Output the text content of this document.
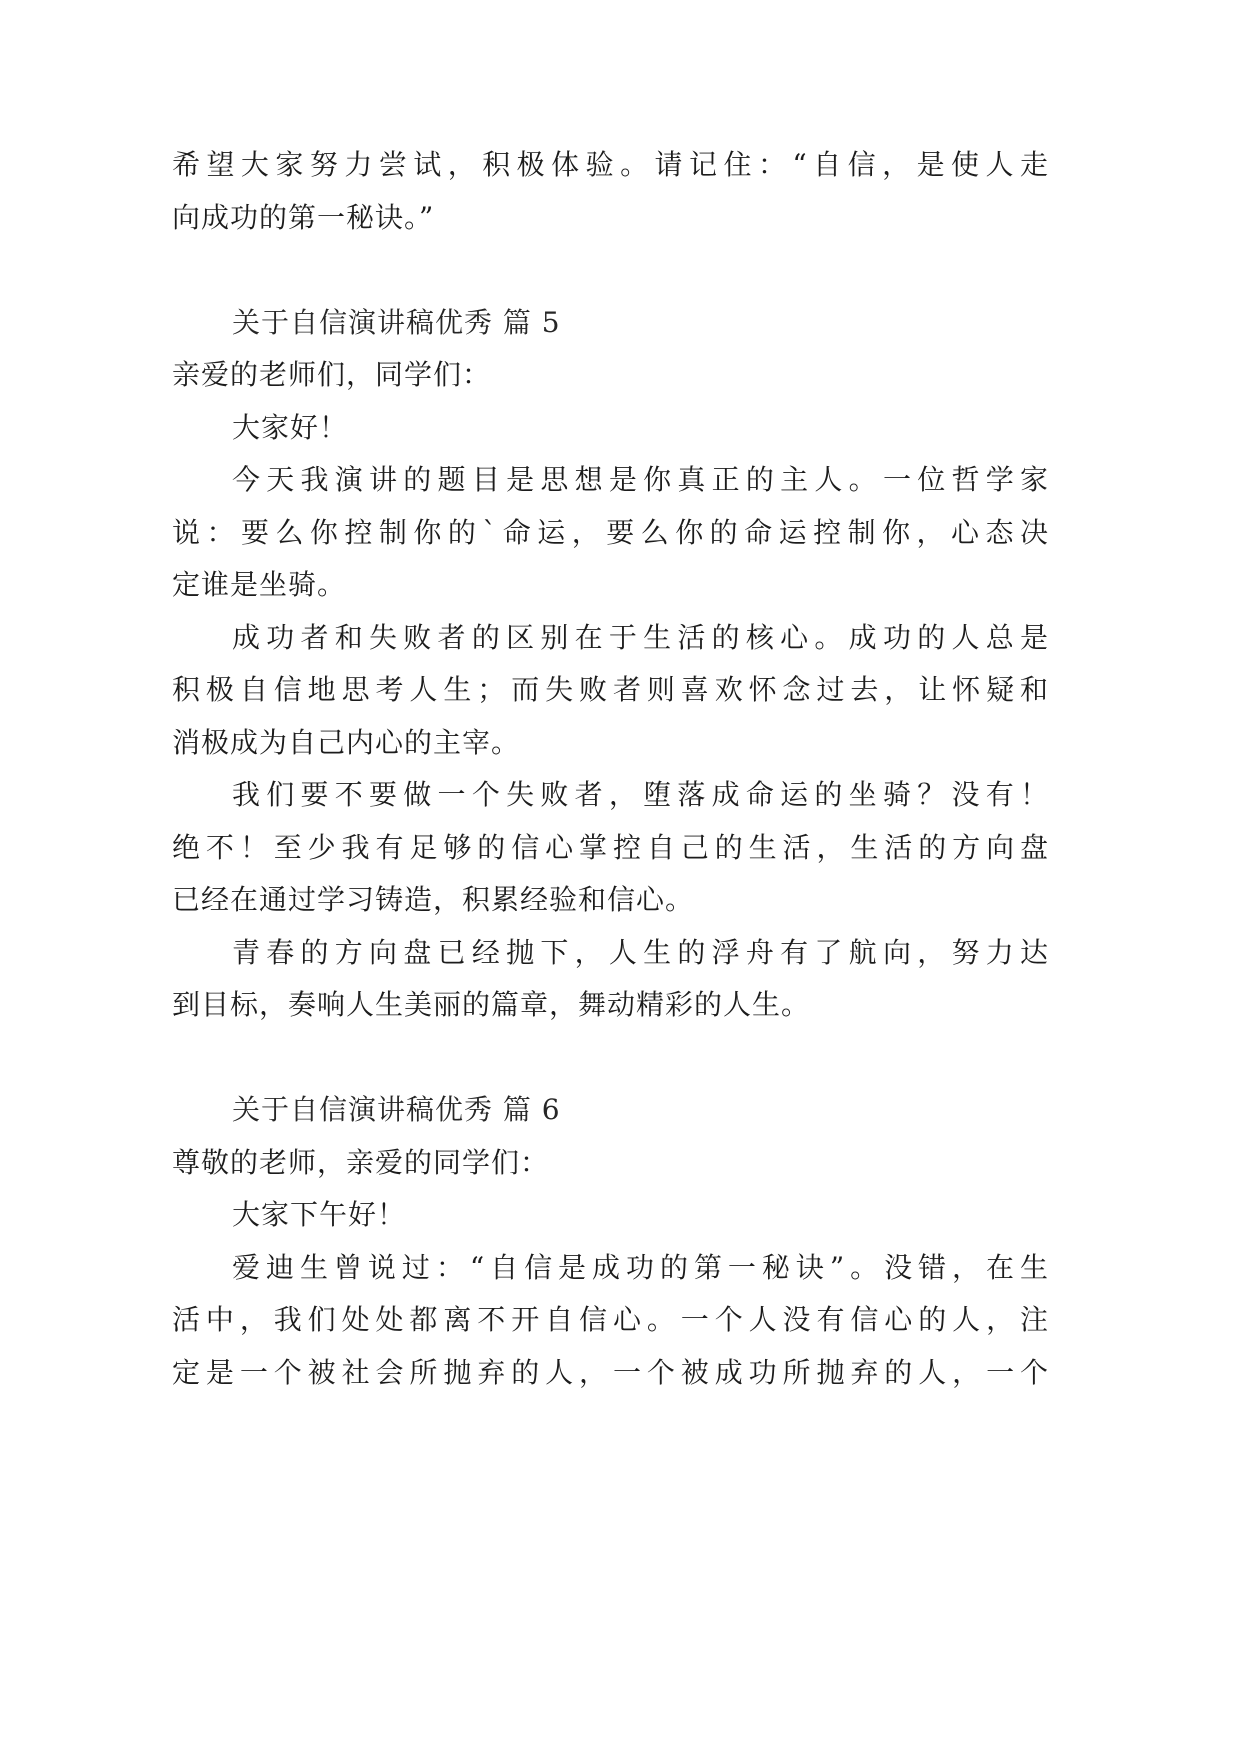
希望大家努力尝试，积极体验。请记住：“自信，是使人走
向成功的第一秘诀。”
关于自信演讲稿优秀 篇 5
亲爱的老师们，同学们：
大家好！
今天我演讲的题目是思想是你真正的主人。一位哲学家
说：要么你控制你的`命运，要么你的命运控制你，心态决
定谁是坐骑。
成功者和失败者的区别在于生活的核心。成功的人总是
积极自信地思考人生；而失败者则喜欢怀念过去，让怀疑和
消极成为自己内心的主宰。
我们要不要做一个失败者，堕落成命运的坐骑？没有！
绝不！至少我有足够的信心掌控自己的生活，生活的方向盘
已经在通过学习铸造，积累经验和信心。
青春的方向盘已经抛下，人生的浮舟有了航向，努力达
到目标，奏响人生美丽的篇章，舞动精彩的人生。
关于自信演讲稿优秀 篇 6
尊敬的老师，亲爱的同学们：
大家下午好！
爱迪生曾说过：“自信是成功的第一秘诀”。没错，在生
活中，我们处处都离不开自信心。一个人没有信心的人，注
定是一个被社会所抛弃的人，一个被成功所抛弃的人，一个
